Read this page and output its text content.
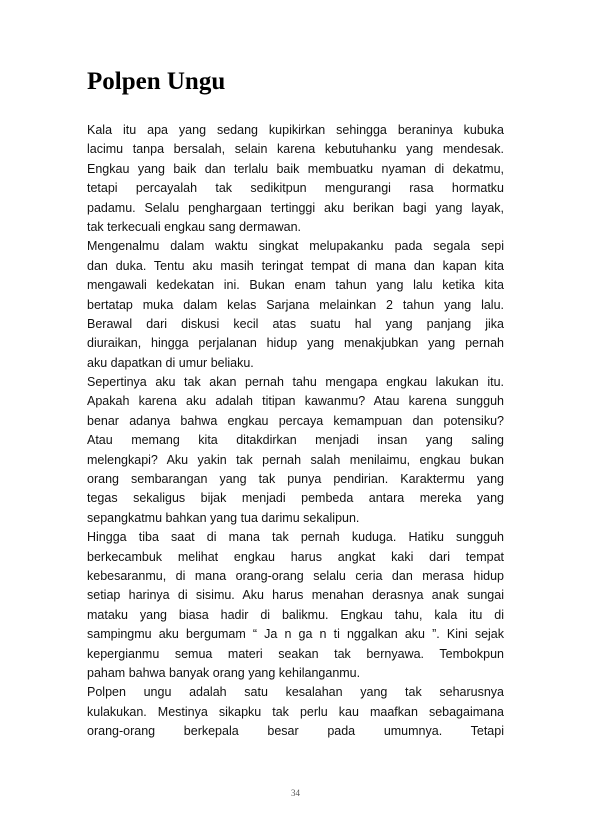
Polpen Ungu
Kala itu apa yang sedang kupikirkan sehingga beraninya kubuka
lacimu tanpa bersalah, selain karena kebutuhanku yang mendesak.
Engkau yang baik dan terlalu baik membuatku nyaman di dekatmu,
tetapi percayalah tak sedikitpun mengurangi rasa hormatku
padamu. Selalu penghargaan tertinggi aku berikan bagi yang layak,
tak terkecuali engkau sang dermawan.
Mengenalmu dalam waktu singkat melupakanku pada segala sepi
dan duka. Tentu aku masih teringat tempat di mana dan kapan kita
mengawali kedekatan ini. Bukan enam tahun yang lalu ketika kita
bertatap muka dalam kelas Sarjana melainkan 2 tahun yang lalu.
Berawal dari diskusi kecil atas suatu hal yang panjang jika
diuraikan, hingga perjalanan hidup yang menakjubkan yang pernah
aku dapatkan di umur beliaku.
Sepertinya aku tak akan pernah tahu mengapa engkau lakukan itu.
Apakah karena aku adalah titipan kawanmu? Atau karena sungguh
benar adanya bahwa engkau percaya kemampuan dan potensiku?
Atau memang kita ditakdirkan menjadi insan yang saling
melengkapi? Aku yakin tak pernah salah menilaimu, engkau bukan
orang sembarangan yang tak punya pendirian. Karaktermu yang
tegas sekaligus bijak menjadi pembeda antara mereka yang
sepangkatmu bahkan yang tua darimu sekalipun.
Hingga tiba saat di mana tak pernah kuduga. Hatiku sungguh
berkecambuk melihat engkau harus angkat kaki dari tempat
kebesaranmu, di mana orang-orang selalu ceria dan merasa hidup
setiap harinya di sisimu. Aku harus menahan derasnya anak sungai
mataku yang biasa hadir di balikmu. Engkau tahu, kala itu di
sampingmu aku bergumam “ Ja n ga n ti nggalkan aku ”. Kini sejak
kepergianmu semua materi seakan tak bernyawa. Tembokpun
paham bahwa banyak orang yang kehilanganmu.
Polpen ungu adalah satu kesalahan yang tak seharusnya
kulakukan. Mestinya sikapku tak perlu kau maafkan sebagaimana
orang-orang berkepala besar pada umumnya. Tetapi
34
